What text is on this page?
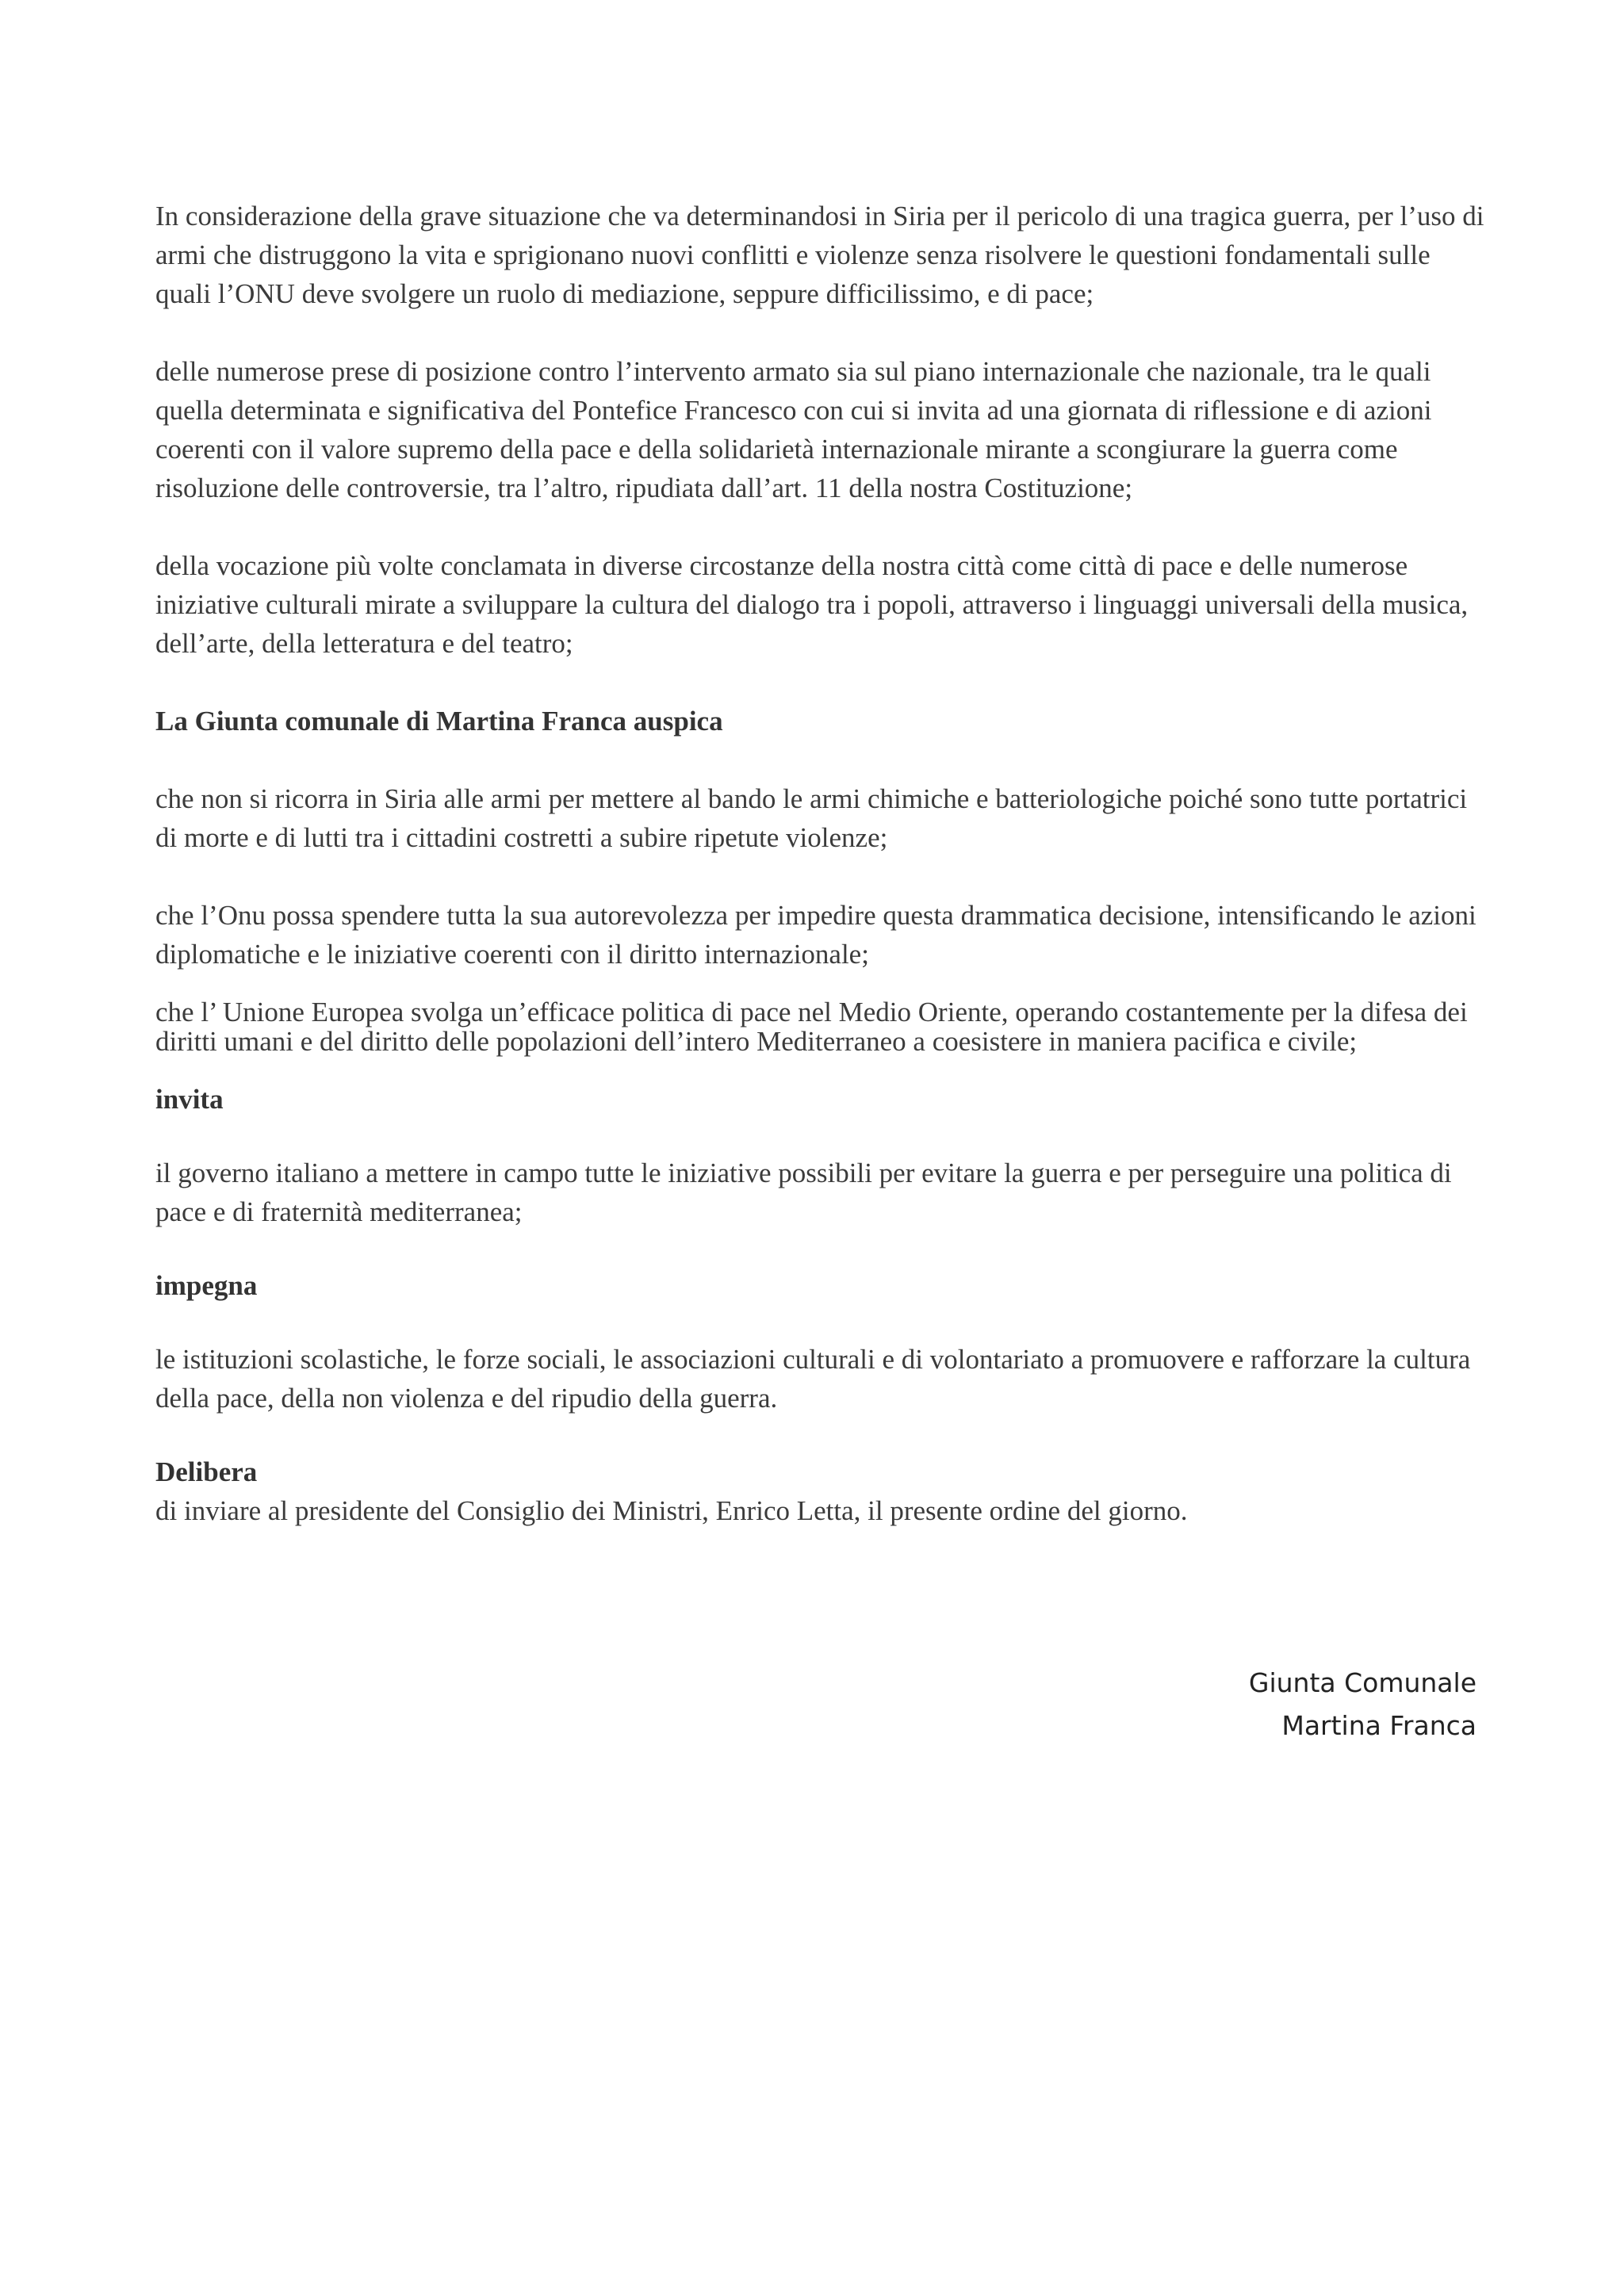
In considerazione della grave situazione che va determinandosi in Siria per il pericolo di una tragica guerra, per l’uso di armi che distruggono la vita e sprigionano nuovi conflitti e violenze senza risolvere le questioni fondamentali sulle quali l’ONU deve svolgere un ruolo di mediazione, seppure difficilissimo, e di pace;

delle numerose prese di posizione contro l’intervento armato sia sul piano internazionale che nazionale, tra le quali quella determinata e significativa del Pontefice Francesco con cui si invita ad una giornata di riflessione e di azioni coerenti con il valore supremo della pace e della solidarietà internazionale mirante a scongiurare la guerra come risoluzione delle controversie, tra l’altro, ripudiata dall’art. 11 della nostra Costituzione;

della vocazione più volte conclamata in diverse circostanze della nostra città come città di pace e delle numerose iniziative culturali mirate a sviluppare la cultura del dialogo tra i popoli, attraverso i linguaggi universali della musica, dell’arte, della letteratura e del teatro;

La Giunta comunale di Martina Franca auspica

che non si ricorra in Siria alle armi per mettere al bando le armi chimiche e batteriologiche poiché sono tutte portatrici di morte e di lutti tra i cittadini costretti a subire ripetute violenze;

che l’Onu possa spendere tutta la sua autorevolezza per impedire questa drammatica decisione, intensificando le azioni diplomatiche e le iniziative coerenti con il diritto internazionale;

che l’ Unione Europea svolga un’efficace politica di pace nel Medio Oriente, operando costantemente per la difesa dei diritti umani e del diritto delle popolazioni dell’intero Mediterraneo a coesistere in maniera pacifica e civile;

invita

il governo italiano a mettere in campo tutte le iniziative possibili per evitare la guerra e per perseguire una politica di pace e di fraternità mediterranea;

impegna

le istituzioni scolastiche, le forze sociali, le associazioni culturali e di volontariato a promuovere e rafforzare la cultura della pace, della non violenza e del ripudio della guerra.

Delibera

di inviare al presidente del Consiglio dei Ministri, Enrico Letta, il presente ordine del giorno.

Giunta Comunale
Martina Franca
